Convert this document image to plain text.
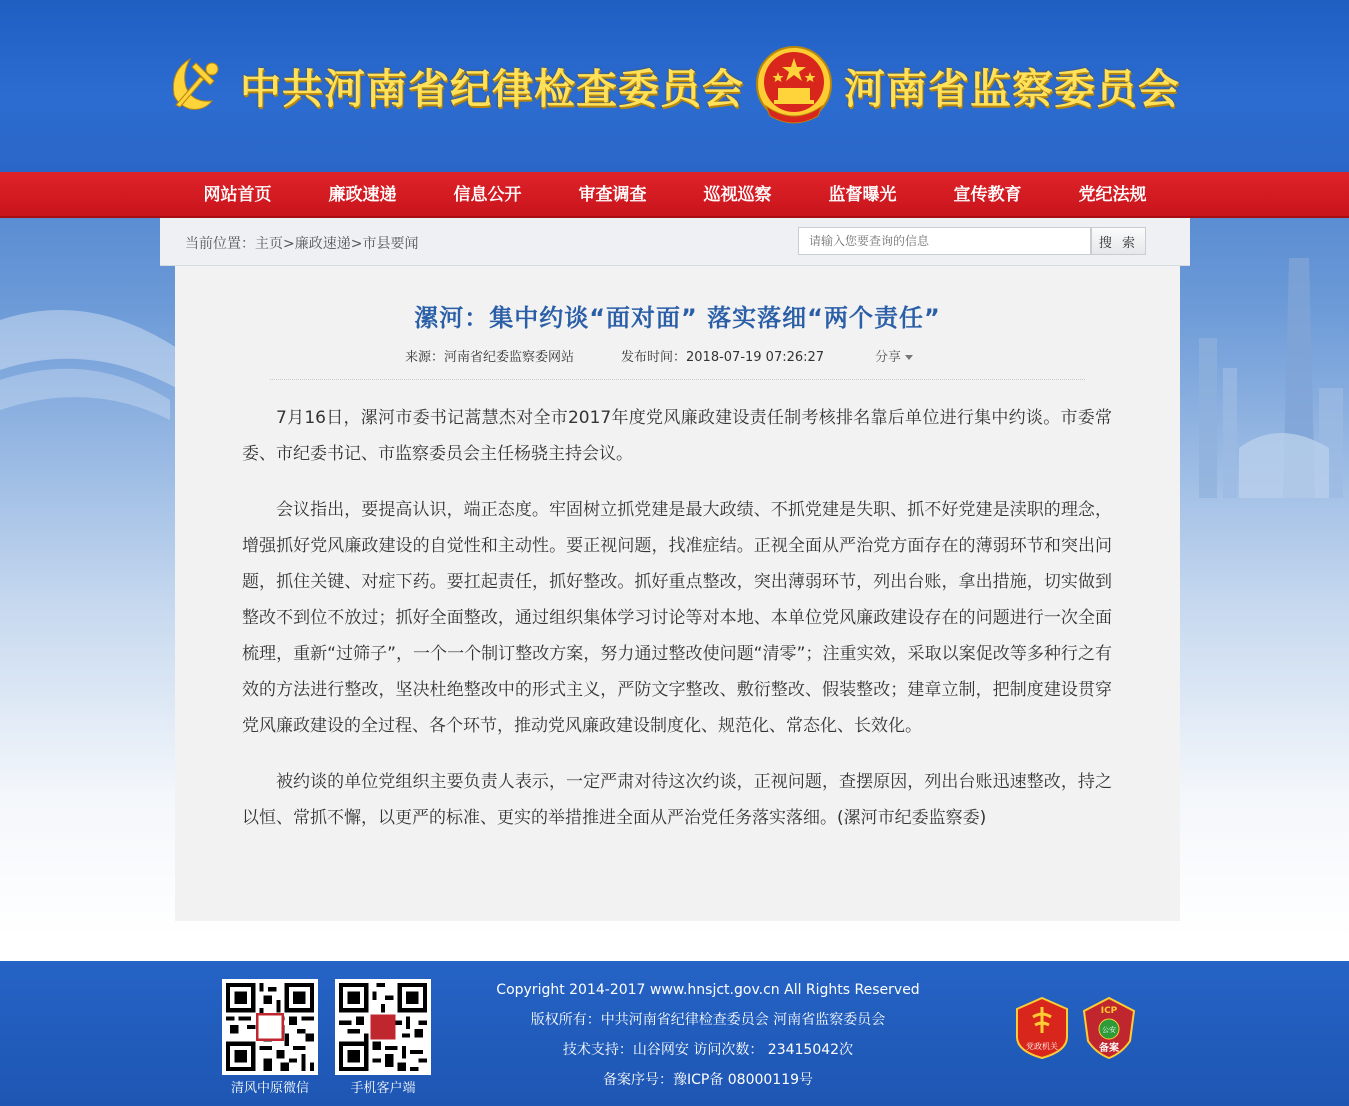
中共河南省纪律检查委员会 河南省监察委员会
网站首页	廉政速递	信息公开	审查调查	巡视巡察	监督曝光	宣传教育	党纪法规
当前位置：主页>廉政速递>市县要闻
请输入您要查询的信息	搜 索
漯河：集中约谈“面对面” 落实落细“两个责任”
来源：河南省纪委监察委网站	发布时间：2018-07-19 07:26:27	分享

7月16日，漯河市委书记蒿慧杰对全市2017年度党风廉政建设责任制考核排名靠后单位进行集中约谈。市委常委、市纪委书记、市监察委员会主任杨骁主持会议。

会议指出，要提高认识，端正态度。牢固树立抓党建是最大政绩、不抓党建是失职、抓不好党建是渎职的理念，增强抓好党风廉政建设的自觉性和主动性。要正视问题，找准症结。正视全面从严治党方面存在的薄弱环节和突出问题，抓住关键、对症下药。要扛起责任，抓好整改。抓好重点整改，突出薄弱环节，列出台账，拿出措施，切实做到整改不到位不放过；抓好全面整改，通过组织集体学习讨论等对本地、本单位党风廉政建设存在的问题进行一次全面梳理，重新“过筛子”，一个一个制订整改方案，努力通过整改使问题“清零”；注重实效，采取以案促改等多种行之有效的方法进行整改，坚决杜绝整改中的形式主义，严防文字整改、敷衍整改、假装整改；建章立制，把制度建设贯穿党风廉政建设的全过程、各个环节，推动党风廉政建设制度化、规范化、常态化、长效化。

被约谈的单位党组织主要负责人表示，一定严肃对待这次约谈，正视问题，查摆原因，列出台账迅速整改，持之以恒、常抓不懈，以更严的标准、更实的举措推进全面从严治党任务落实落细。(漯河市纪委监察委)

清风中原微信	手机客户端
Copyright 2014-2017 www.hnsjct.gov.cn All Rights Reserved
版权所有：中共河南省纪律检查委员会 河南省监察委员会
技术支持：山谷网安 访问次数： 23415042次
备案序号：豫ICP备 08000119号
党政机关
ICP
公安
备案
